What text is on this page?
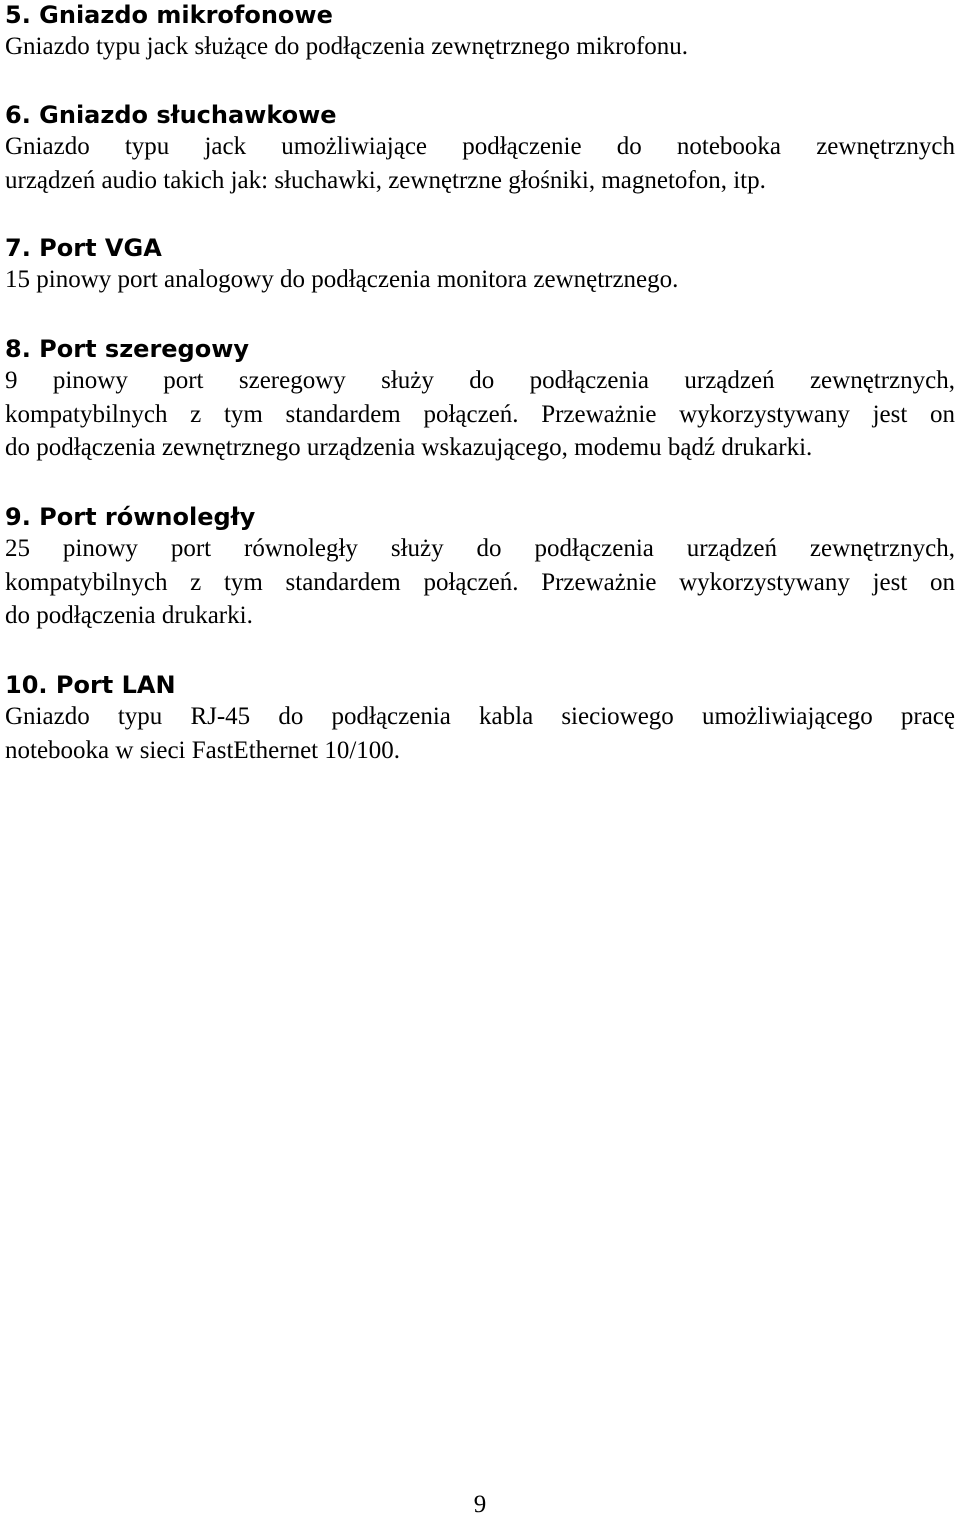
5. Gniazdo mikrofonowe

Gniazdo typu jack służące do podłączenia zewnętrznego mikrofonu.

6. Gniazdo słuchawkowe

Gniazdo typu jack umożliwiające podłączenie do notebooka zewnętrznych

urządzeń audio takich jak: słuchawki, zewnętrzne głośniki, magnetofon, itp.

7. Port VGA

15 pinowy port analogowy do podłączenia monitora zewnętrznego.

8. Port szeregowy

9 pinowy port szeregowy służy do podłączenia urządzeń zewnętrznych,

kompatybilnych z tym standardem połączeń. Przeważnie wykorzystywany jest on

do podłączenia zewnętrznego urządzenia wskazującego, modemu bądź drukarki.

9. Port równoległy

25 pinowy port równoległy służy do podłączenia urządzeń zewnętrznych,

kompatybilnych z tym standardem połączeń. Przeważnie wykorzystywany jest on

do podłączenia drukarki.

10. Port LAN

Gniazdo typu RJ-45 do podłączenia kabla sieciowego umożliwiającego pracę

notebooka w sieci FastEthernet 10/100.

9
